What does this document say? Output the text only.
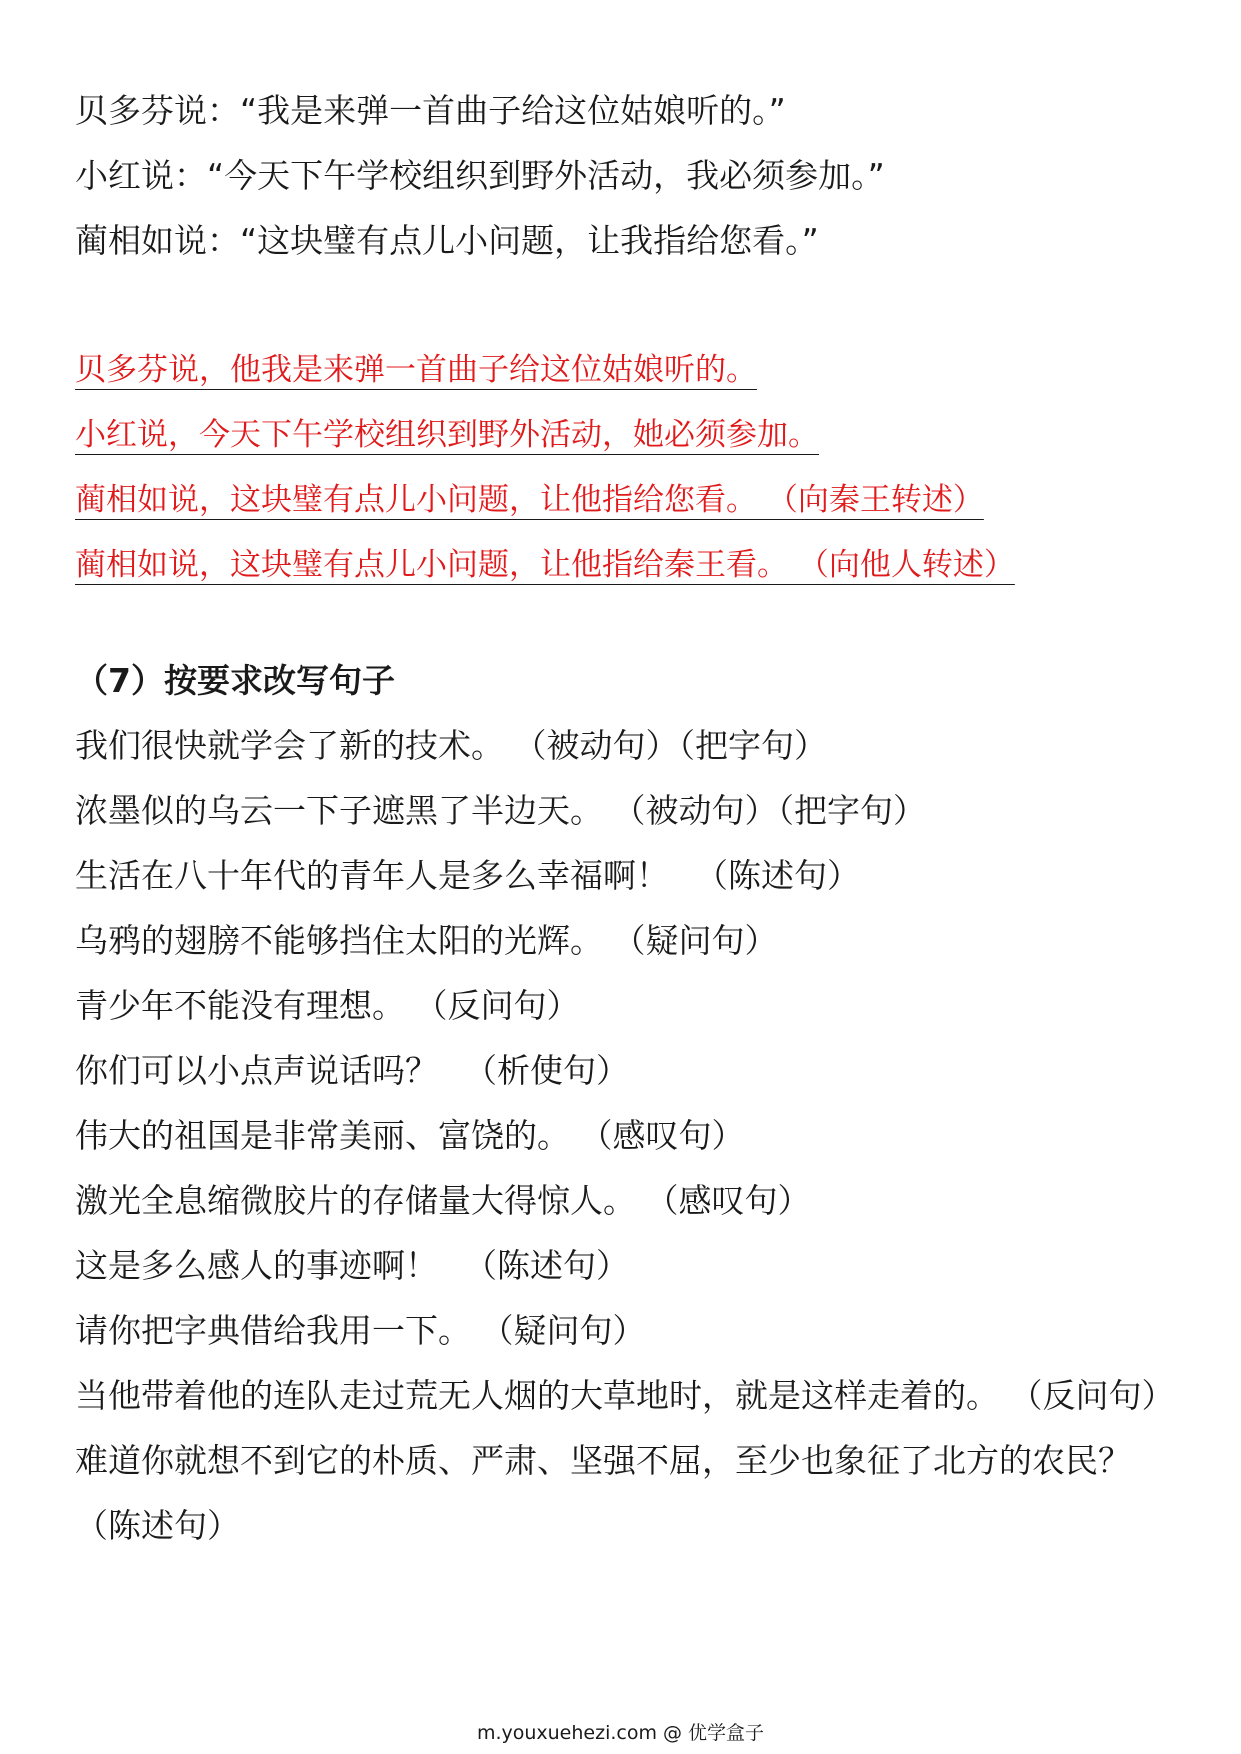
贝多芬说：“我是来弹一首曲子给这位姑娘听的。”

小红说：“今天下午学校组织到野外活动，我必须参加。”

蔺相如说：“这块璧有点儿小问题，让我指给您看。”

贝多芬说，他我是来弹一首曲子给这位姑娘听的。

小红说，今天下午学校组织到野外活动，她必须参加。

蔺相如说，这块璧有点儿小问题，让他指给您看。 （向秦王转述）

蔺相如说，这块璧有点儿小问题，让他指给秦王看。 （向他人转述）

（7）按要求改写句子

我们很快就学会了新的技术。 （被动句）（把字句）

浓墨似的乌云一下子遮黑了半边天。 （被动句）（把字句）

生活在八十年代的青年人是多么幸福啊！ （陈述句）

乌鸦的翅膀不能够挡住太阳的光辉。 （疑问句）

青少年不能没有理想。 （反问句）

你们可以小点声说话吗？ （析使句）

伟大的祖国是非常美丽、富饶的。 （感叹句）

激光全息缩微胶片的存储量大得惊人。 （感叹句）

这是多么感人的事迹啊！ （陈述句）

请你把字典借给我用一下。 （疑问句）

当他带着他的连队走过荒无人烟的大草地时，就是这样走着的。 （反问句）

难道你就想不到它的朴质、严肃、坚强不屈，至少也象征了北方的农民？（陈述句）

m.youxuehezi.com @ 优学盒子
